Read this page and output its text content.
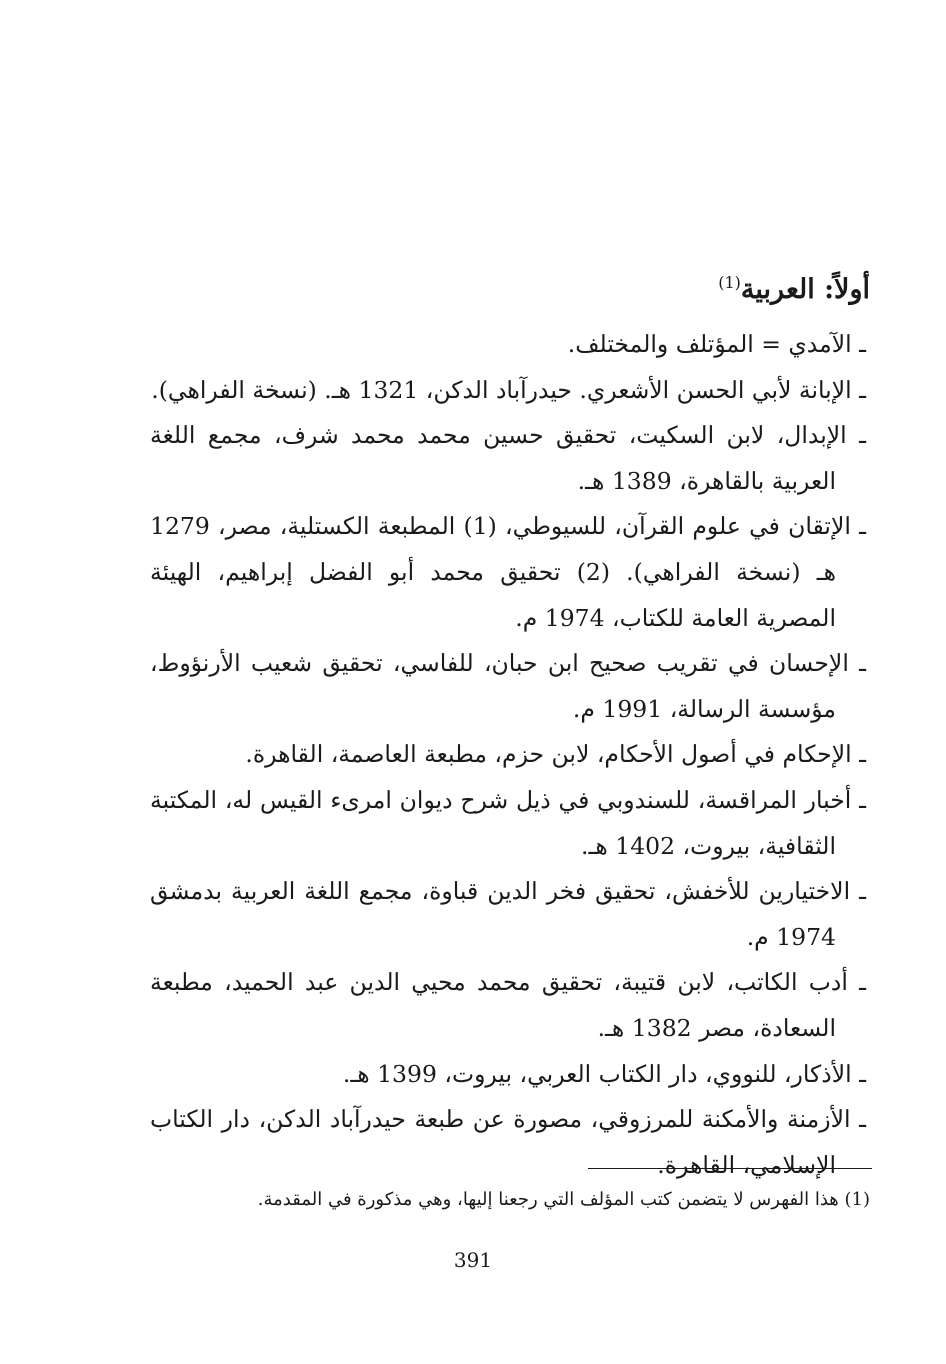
أولاً: العربية$^{(1)}$
ـ الآمدي = المؤتلف والمختلف.
ـ الإبانة لأبي الحسن الأشعري. حيدرآباد الدكن، 1321 هـ. (نسخة الفراهي).
ـ الإبدال، لابن السكيت، تحقيق حسين محمد محمد شرف، مجمع اللغة العربية بالقاهرة، 1389 هـ.
ـ الإتقان في علوم القرآن، للسيوطي، (1) المطبعة الكستلية، مصر، 1279 هـ (نسخة الفراهي). (2) تحقيق محمد أبو الفضل إبراهيم، الهيئة المصرية العامة للكتاب، 1974 م.
ـ الإحسان في تقريب صحيح ابن حبان، للفاسي، تحقيق شعيب الأرنؤوط، مؤسسة الرسالة، 1991 م.
ـ الإحكام في أصول الأحكام، لابن حزم، مطبعة العاصمة، القاهرة.
ـ أخبار المراقسة، للسندوبي في ذيل شرح ديوان امرىء القيس له، المكتبة الثقافية، بيروت، 1402 هـ.
ـ الاختيارين للأخفش، تحقيق فخر الدين قباوة، مجمع اللغة العربية بدمشق 1974 م.
ـ أدب الكاتب، لابن قتيبة، تحقيق محمد محيي الدين عبد الحميد، مطبعة السعادة، مصر 1382 هـ.
ـ الأذكار، للنووي، دار الكتاب العربي، بيروت، 1399 هـ.
ـ الأزمنة والأمكنة للمرزوقي، مصورة عن طبعة حيدرآباد الدكن، دار الكتاب الإسلامي، القاهرة.
(1) هذا الفهرس لا يتضمن كتب المؤلف التي رجعنا إليها، وهي مذكورة في المقدمة.
391
